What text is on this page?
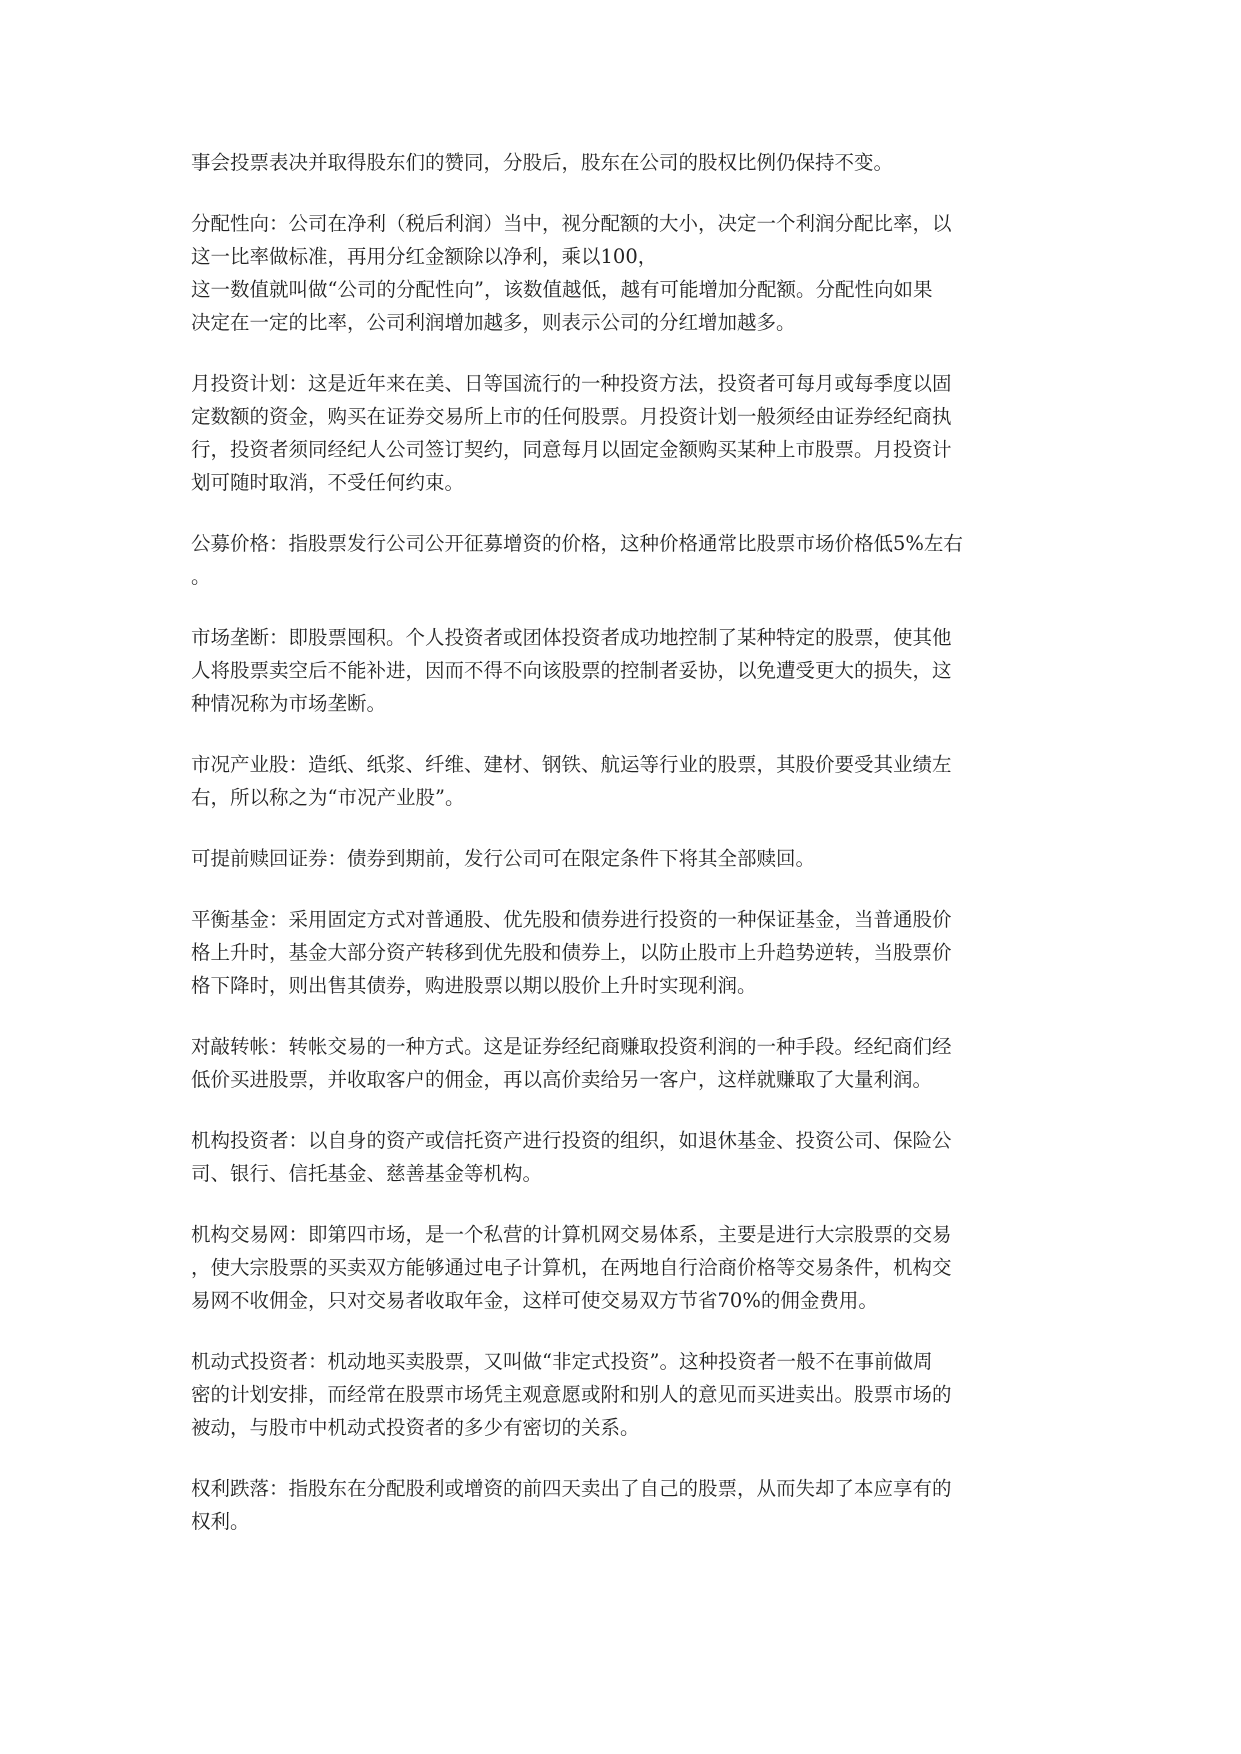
事会投票表决并取得股东们的赞同，分股后，股东在公司的股权比例仍保持不变。

分配性向：公司在净利（税后利润）当中，视分配额的大小，决定一个利润分配比率，以
这一比率做标准，再用分红金额除以净利，乘以100，
这一数值就叫做“公司的分配性向”，该数值越低，越有可能增加分配额。分配性向如果
决定在一定的比率，公司利润增加越多，则表示公司的分红增加越多。

月投资计划：这是近年来在美、日等国流行的一种投资方法，投资者可每月或每季度以固
定数额的资金，购买在证券交易所上市的任何股票。月投资计划一般须经由证券经纪商执
行，投资者须同经纪人公司签订契约，同意每月以固定金额购买某种上市股票。月投资计
划可随时取消，不受任何约束。

公募价格：指股票发行公司公开征募增资的价格，这种价格通常比股票市场价格低5%左右
。

市场垄断：即股票囤积。个人投资者或团体投资者成功地控制了某种特定的股票，使其他
人将股票卖空后不能补进，因而不得不向该股票的控制者妥协，以免遭受更大的损失，这
种情况称为市场垄断。

市况产业股：造纸、纸浆、纤维、建材、钢铁、航运等行业的股票，其股价要受其业绩左
右，所以称之为“市况产业股”。

可提前赎回证券：债券到期前，发行公司可在限定条件下将其全部赎回。

平衡基金：采用固定方式对普通股、优先股和债券进行投资的一种保证基金，当普通股价
格上升时，基金大部分资产转移到优先股和债券上，以防止股市上升趋势逆转，当股票价
格下降时，则出售其债券，购进股票以期以股价上升时实现利润。

对敲转帐：转帐交易的一种方式。这是证券经纪商赚取投资利润的一种手段。经纪商们经
低价买进股票，并收取客户的佣金，再以高价卖给另一客户，这样就赚取了大量利润。

机构投资者：以自身的资产或信托资产进行投资的组织，如退休基金、投资公司、保险公
司、银行、信托基金、慈善基金等机构。

机构交易网：即第四市场，是一个私营的计算机网交易体系，主要是进行大宗股票的交易
，使大宗股票的买卖双方能够通过电子计算机，在两地自行洽商价格等交易条件，机构交
易网不收佣金，只对交易者收取年金，这样可使交易双方节省70%的佣金费用。

机动式投资者：机动地买卖股票，又叫做“非定式投资”。这种投资者一般不在事前做周
密的计划安排，而经常在股票市场凭主观意愿或附和别人的意见而买进卖出。股票市场的
被动，与股市中机动式投资者的多少有密切的关系。

权利跌落：指股东在分配股利或增资的前四天卖出了自己的股票，从而失却了本应享有的
权利。
